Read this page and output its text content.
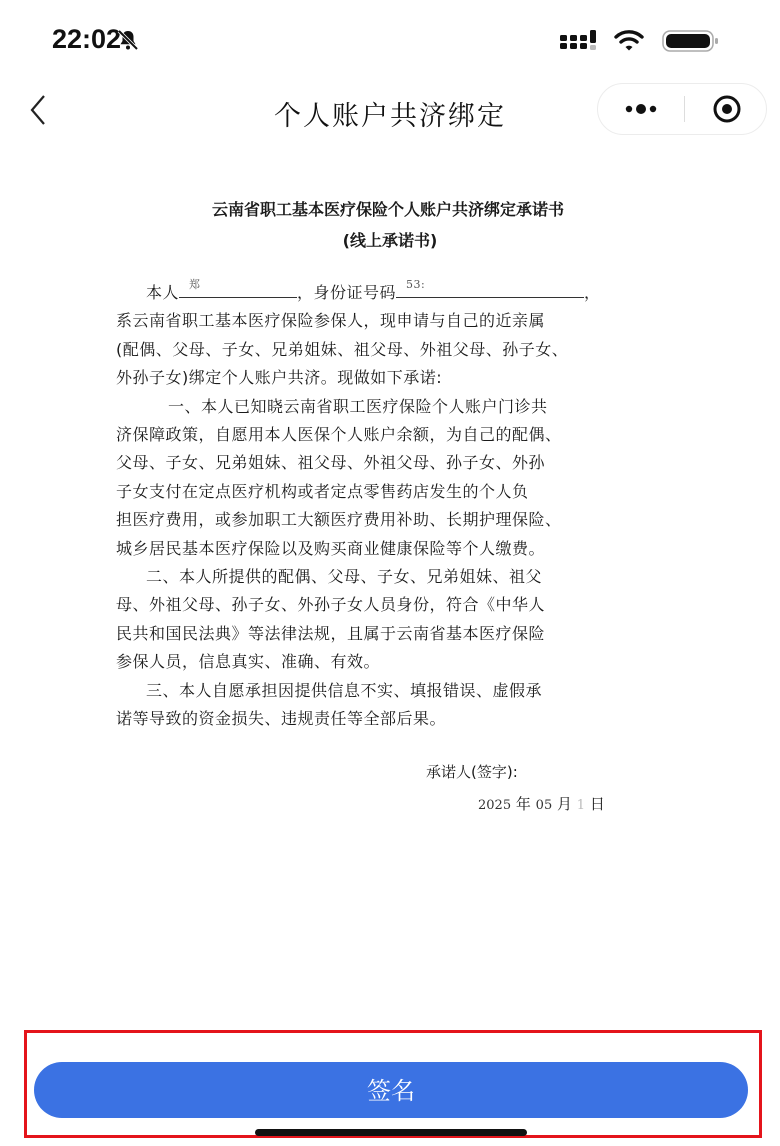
22:02
个人账户共济绑定
云南省职工基本医疗保险个人账户共济绑定承诺书
(线上承诺书)
本人 郑	，身份证号码 53:	，
系云南省职工基本医疗保险参保人，现申请与自己的近亲属
(配偶、父母、子女、兄弟姐妹、祖父母、外祖父母、孙子女、
外孙子女)绑定个人账户共济。现做如下承诺:
一、本人已知晓云南省职工医疗保险个人账户门诊共
济保障政策，自愿用本人医保个人账户余额，为自己的配偶、
父母、子女、兄弟姐妹、祖父母、外祖父母、孙子女、外孙
子女支付在定点医疗机构或者定点零售药店发生的个人负
担医疗费用，或参加职工大额医疗费用补助、长期护理保险、
城乡居民基本医疗保险以及购买商业健康保险等个人缴费。
二、本人所提供的配偶、父母、子女、兄弟姐妹、祖父
母、外祖父母、孙子女、外孙子女人员身份，符合《中华人
民共和国民法典》等法律法规，且属于云南省基本医疗保险
参保人员，信息真实、准确、有效。
三、本人自愿承担因提供信息不实、填报错误、虚假承
诺等导致的资金损失、违规责任等全部后果。
承诺人(签字):
2025 年 05 月 1 日
签名
